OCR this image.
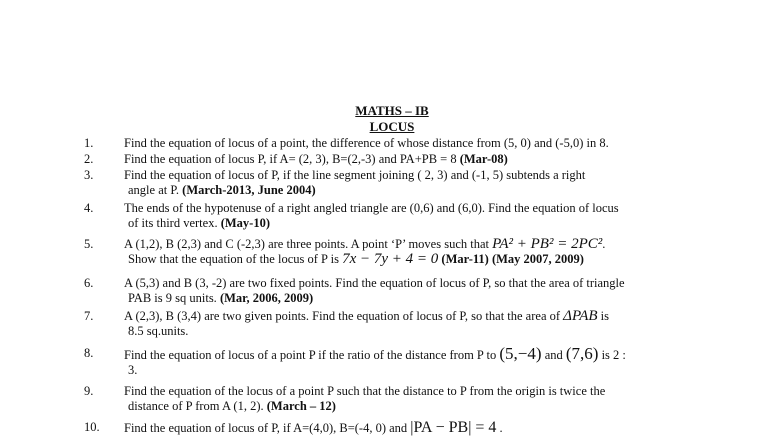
MATHS – IB
LOCUS
1.	Find the equation of locus of a point, the difference of whose distance from (5, 0) and (-5,0) in 8.
2.	Find the equation of locus P, if A= (2, 3), B=(2,-3) and PA+PB = 8 (Mar-08)
3.	Find the equation of locus of P, if the line segment joining ( 2, 3) and (-1, 5) subtends a right
angle at P. (March-2013, June 2004)
4.	The ends of the hypotenuse of a right angled triangle are (0,6) and (6,0). Find the equation of locus
of its third vertex. (May-10)
5.	A (1,2), B (2,3) and C (-2,3) are three points. A point ‘P’ moves such that PA² + PB² = 2PC².
Show that the equation of the locus of P is 7x − 7y + 4 = 0 (Mar-11) (May 2007, 2009)
6.	A (5,3) and B (3, -2) are two fixed points. Find the equation of locus of P, so that the area of triangle
PAB is 9 sq units. (Mar, 2006, 2009)
7.	A (2,3), B (3,4) are two given points. Find the equation of locus of P, so that the area of ΔPAB is
8.5 sq.units.
8.	Find the equation of locus of a point P if the ratio of the distance from P to (5,−4) and (7,6) is 2 :
3.
9.	Find the equation of the locus of a point P such that the distance to P from the origin is twice the
distance of P from A (1, 2). (March – 12)
10.	Find the equation of locus of P, if A=(4,0), B=(-4, 0) and |PA − PB| = 4 .
